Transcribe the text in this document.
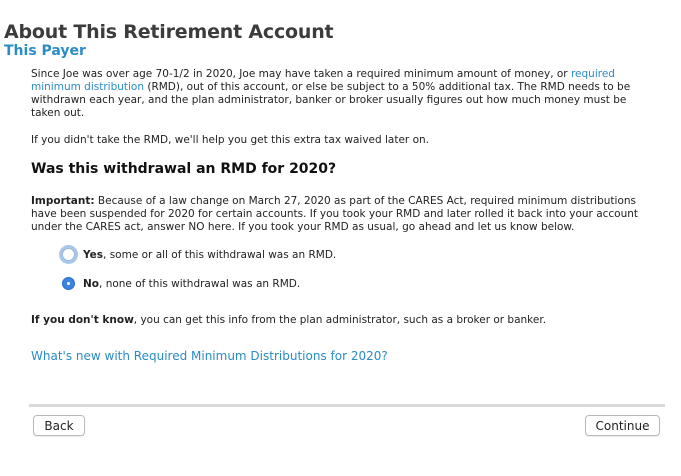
About This Retirement Account
This Payer
Since Joe was over age 70-1/2 in 2020, Joe may have taken a required minimum amount of money, or required minimum distribution (RMD), out of this account, or else be subject to a 50% additional tax. The RMD needs to be withdrawn each year, and the plan administrator, banker or broker usually figures out how much money must be taken out.
If you didn't take the RMD, we'll help you get this extra tax waived later on.
Was this withdrawal an RMD for 2020?
Important: Because of a law change on March 27, 2020 as part of the CARES Act, required minimum distributions have been suspended for 2020 for certain accounts. If you took your RMD and later rolled it back into your account under the CARES act, answer NO here. If you took your RMD as usual, go ahead and let us know below.
Yes, some or all of this withdrawal was an RMD.
No, none of this withdrawal was an RMD.
If you don't know, you can get this info from the plan administrator, such as a broker or banker.
What's new with Required Minimum Distributions for 2020?
Back	Continue
